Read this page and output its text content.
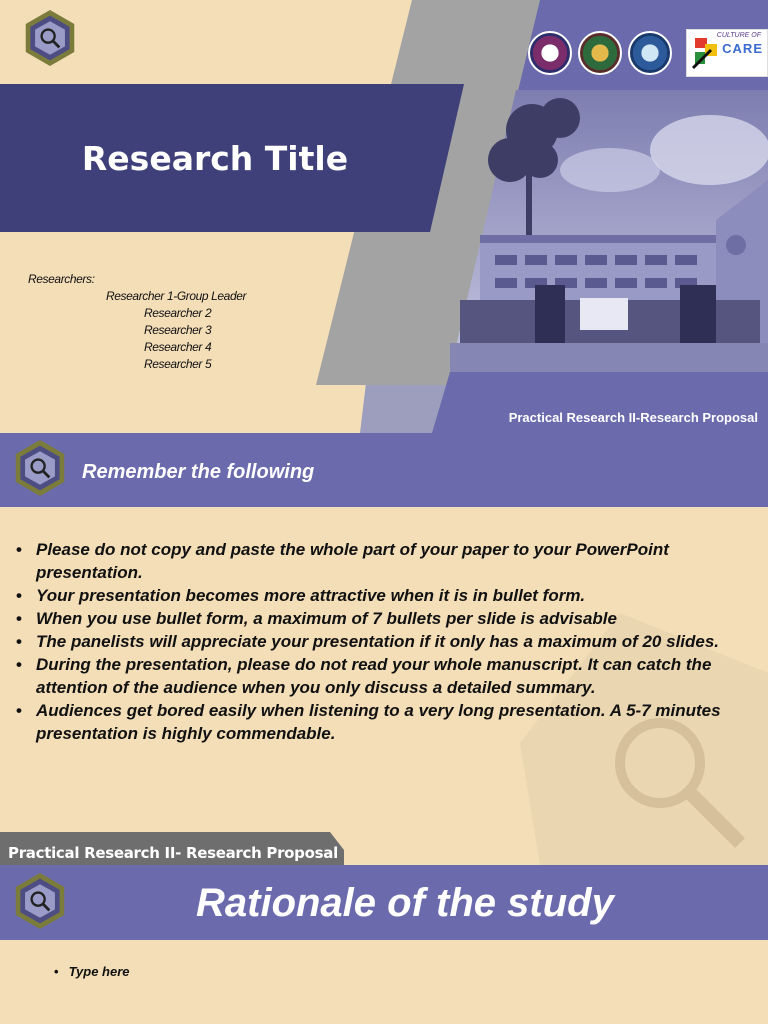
Research Title
Researchers:
Researcher 1-Group Leader
Researcher 2
Researcher 3
Researcher 4
Researcher 5
CULTURE OF
CARE
Practical Research II-Research Proposal
Remember the following
• Please do not copy and paste the whole part of your paper to your PowerPoint presentation.
• Your presentation becomes more attractive when it is in bullet form.
• When you use bullet form, a maximum of 7 bullets per slide is advisable
• The panelists will appreciate your presentation if it only has a maximum of 20 slides.
• During the presentation, please do not read your whole manuscript. It can catch the attention of the audience when you only discuss a detailed summary.
• Audiences get bored easily when listening to a very long presentation. A 5-7 minutes presentation is highly commendable.
Practical Research II- Research Proposal
Rationale of the study
• Type here
